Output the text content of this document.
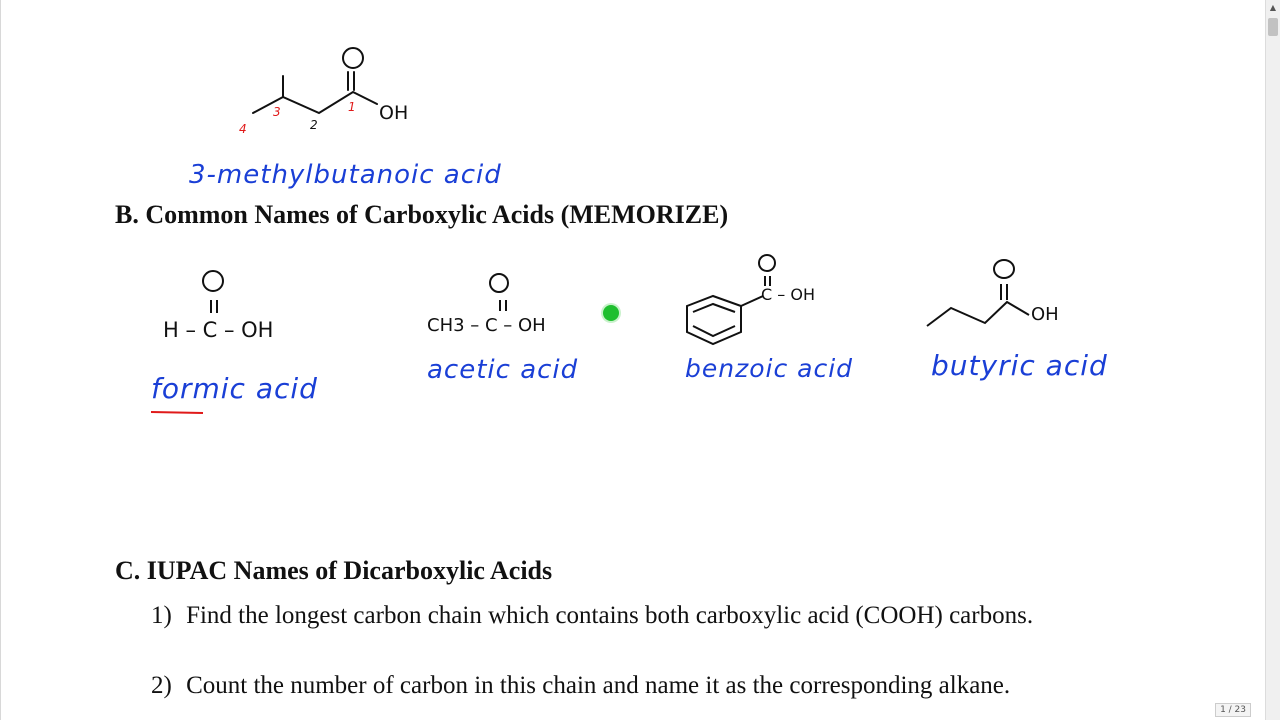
OH
4
3
2
1
3-methylbutanoic acid
B. Common Names of Carboxylic Acids (MEMORIZE)
H – C – OH
formic acid
CH3 – C – OH
acetic acid
C – OH
benzoic acid
OH
butyric acid
C. IUPAC Names of Dicarboxylic Acids
1) Find the longest carbon chain which contains both carboxylic acid (COOH) carbons.
2) Count the number of carbon in this chain and name it as the corresponding alkane.
1 / 23
▲
